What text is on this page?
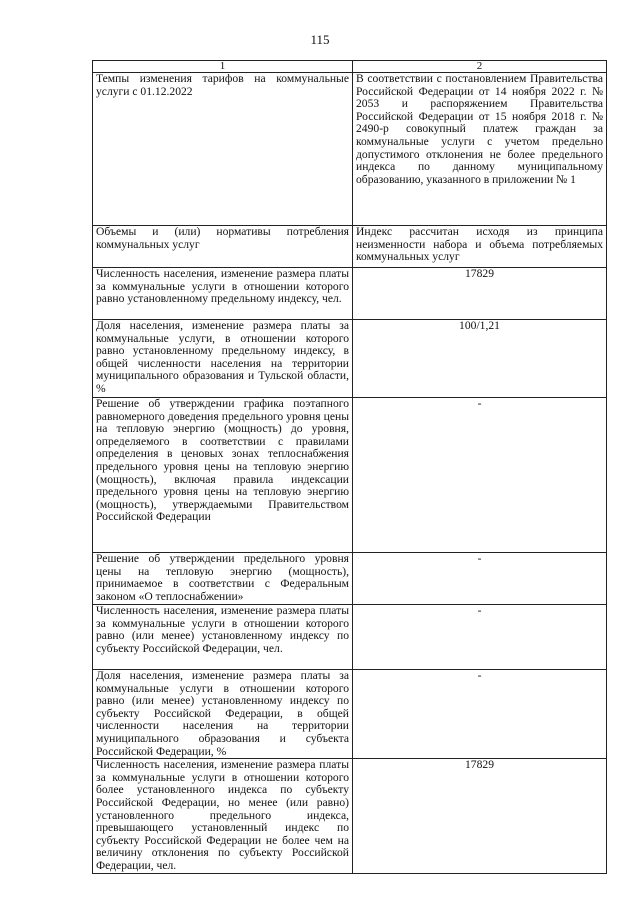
115
1	2

Темпы изменения тарифов на коммунальные услуги с 01.12.2022	В соответствии с постановлением Правительства Российской Федерации от 14 ноября 2022 г. № 2053 и распоряжением Правительства Российской Федерации от 15 ноября 2018 г. № 2490-р совокупный платеж граждан за коммунальные услуги с учетом предельно допустимого отклонения не более предельного индекса по данному муниципальному образованию, указанного в приложении № 1

Объемы и (или) нормативы потребления коммунальных услуг	Индекс рассчитан исходя из принципа неизменности набора и объема потребляемых коммунальных услуг

Численность населения, изменение размера платы за коммунальные услуги в отношении которого равно установленному предельному индексу, чел.	17829

Доля населения, изменение размера платы за коммунальные услуги, в отношении которого равно установленному предельному индексу, в общей численности населения на территории муниципального образования и Тульской области, %	100/1,21

Решение об утверждении графика поэтапного равномерного доведения предельного уровня цены на тепловую энергию (мощность) до уровня, определяемого в соответствии с правилами определения в ценовых зонах теплоснабжения предельного уровня цены на тепловую энергию (мощность), включая правила индексации предельного уровня цены на тепловую энергию (мощность), утверждаемыми Правительством Российской Федерации	-

Решение об утверждении предельного уровня цены на тепловую энергию (мощность), принимаемое в соответствии с Федеральным законом «О теплоснабжении»	-

Численность населения, изменение размера платы за коммунальные услуги в отношении которого равно (или менее) установленному индексу по субъекту Российской Федерации, чел.	-

Доля населения, изменение размера платы за коммунальные услуги в отношении которого равно (или менее) установленному индексу по субъекту Российской Федерации, в общей численности населения на территории муниципального образования и субъекта Российской Федерации, %	-

Численность населения, изменение размера платы за коммунальные услуги в отношении которого более установленного индекса по субъекту Российской Федерации, но менее (или равно) установленного предельного индекса, превышающего установленный индекс по субъекту Российской Федерации не более чем на величину отклонения по субъекту Российской Федерации, чел.	17829
